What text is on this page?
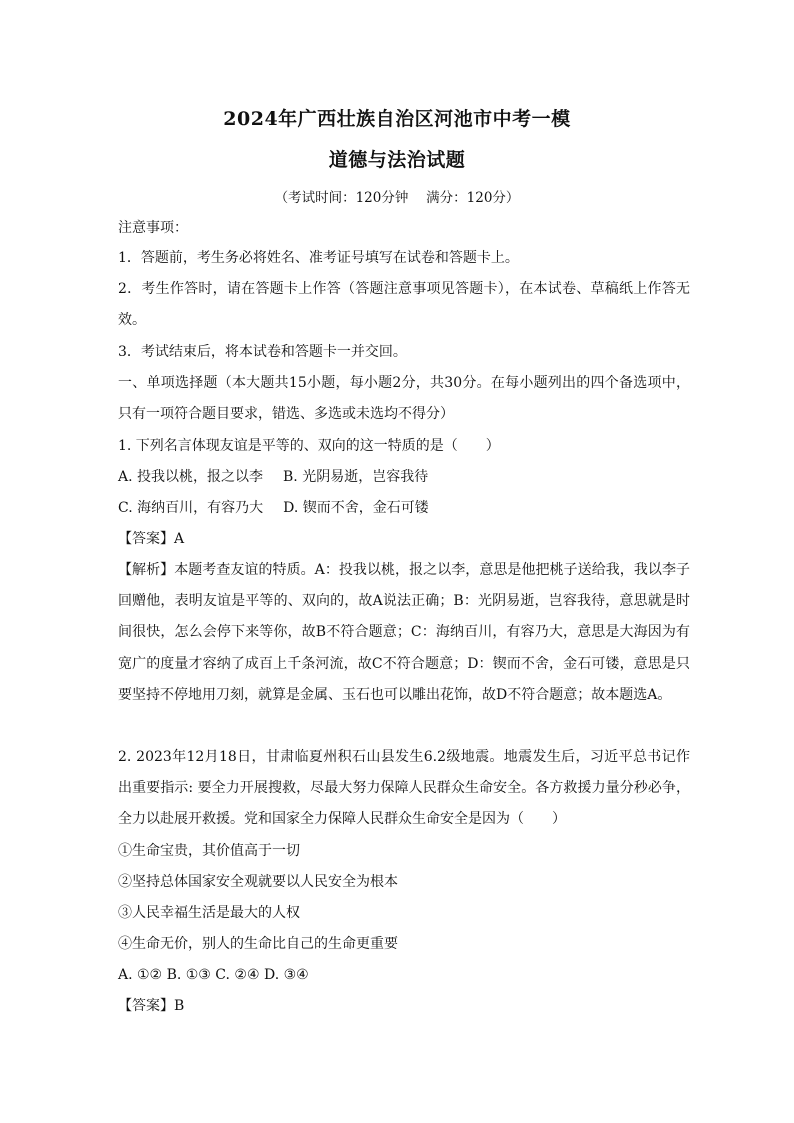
2024年广西壮族自治区河池市中考一模
道德与法治试题
（考试时间：120分钟　 满分：120分）
注意事项：
1．答题前，考生务必将姓名、准考证号填写在试卷和答题卡上。
2．考生作答时，请在答题卡上作答（答题注意事项见答题卡），在本试卷、草稿纸上作答无效。
3．考试结束后，将本试卷和答题卡一并交回。
一、单项选择题（本大题共15小题，每小题2分，共30分。在每小题列出的四个备选项中，只有一项符合题目要求，错选、多选或未选均不得分）
1. 下列名言体现友谊是平等的、双向的这一特质的是（　　）
A. 投我以桃，报之以李 B. 光阴易逝，岂容我待
C. 海纳百川，有容乃大 D. 锲而不舍，金石可镂
【答案】A
【解析】本题考查友谊的特质。A：投我以桃，报之以李，意思是他把桃子送给我，我以李子回赠他，表明友谊是平等的、双向的，故A说法正确；B：光阴易逝，岂容我待，意思就是时间很快，怎么会停下来等你，故B不符合题意；C：海纳百川，有容乃大，意思是大海因为有宽广的度量才容纳了成百上千条河流，故C不符合题意；D：锲而不舍，金石可镂，意思是只要坚持不停地用刀刻，就算是金属、玉石也可以雕出花饰，故D不符合题意；故本题选A。
2. 2023年12月18日，甘肃临夏州积石山县发生6.2级地震。地震发生后，习近平总书记作出重要指示: 要全力开展搜救，尽最大努力保障人民群众生命安全。各方救援力量分秒必争，全力以赴展开救援。党和国家全力保障人民群众生命安全是因为（　　）
①生命宝贵，其价值高于一切
②坚持总体国家安全观就要以人民安全为根本
③人民幸福生活是最大的人权
④生命无价，别人的生命比自己的生命更重要
A. ①② B. ①③ C. ②④ D. ③④
【答案】B
